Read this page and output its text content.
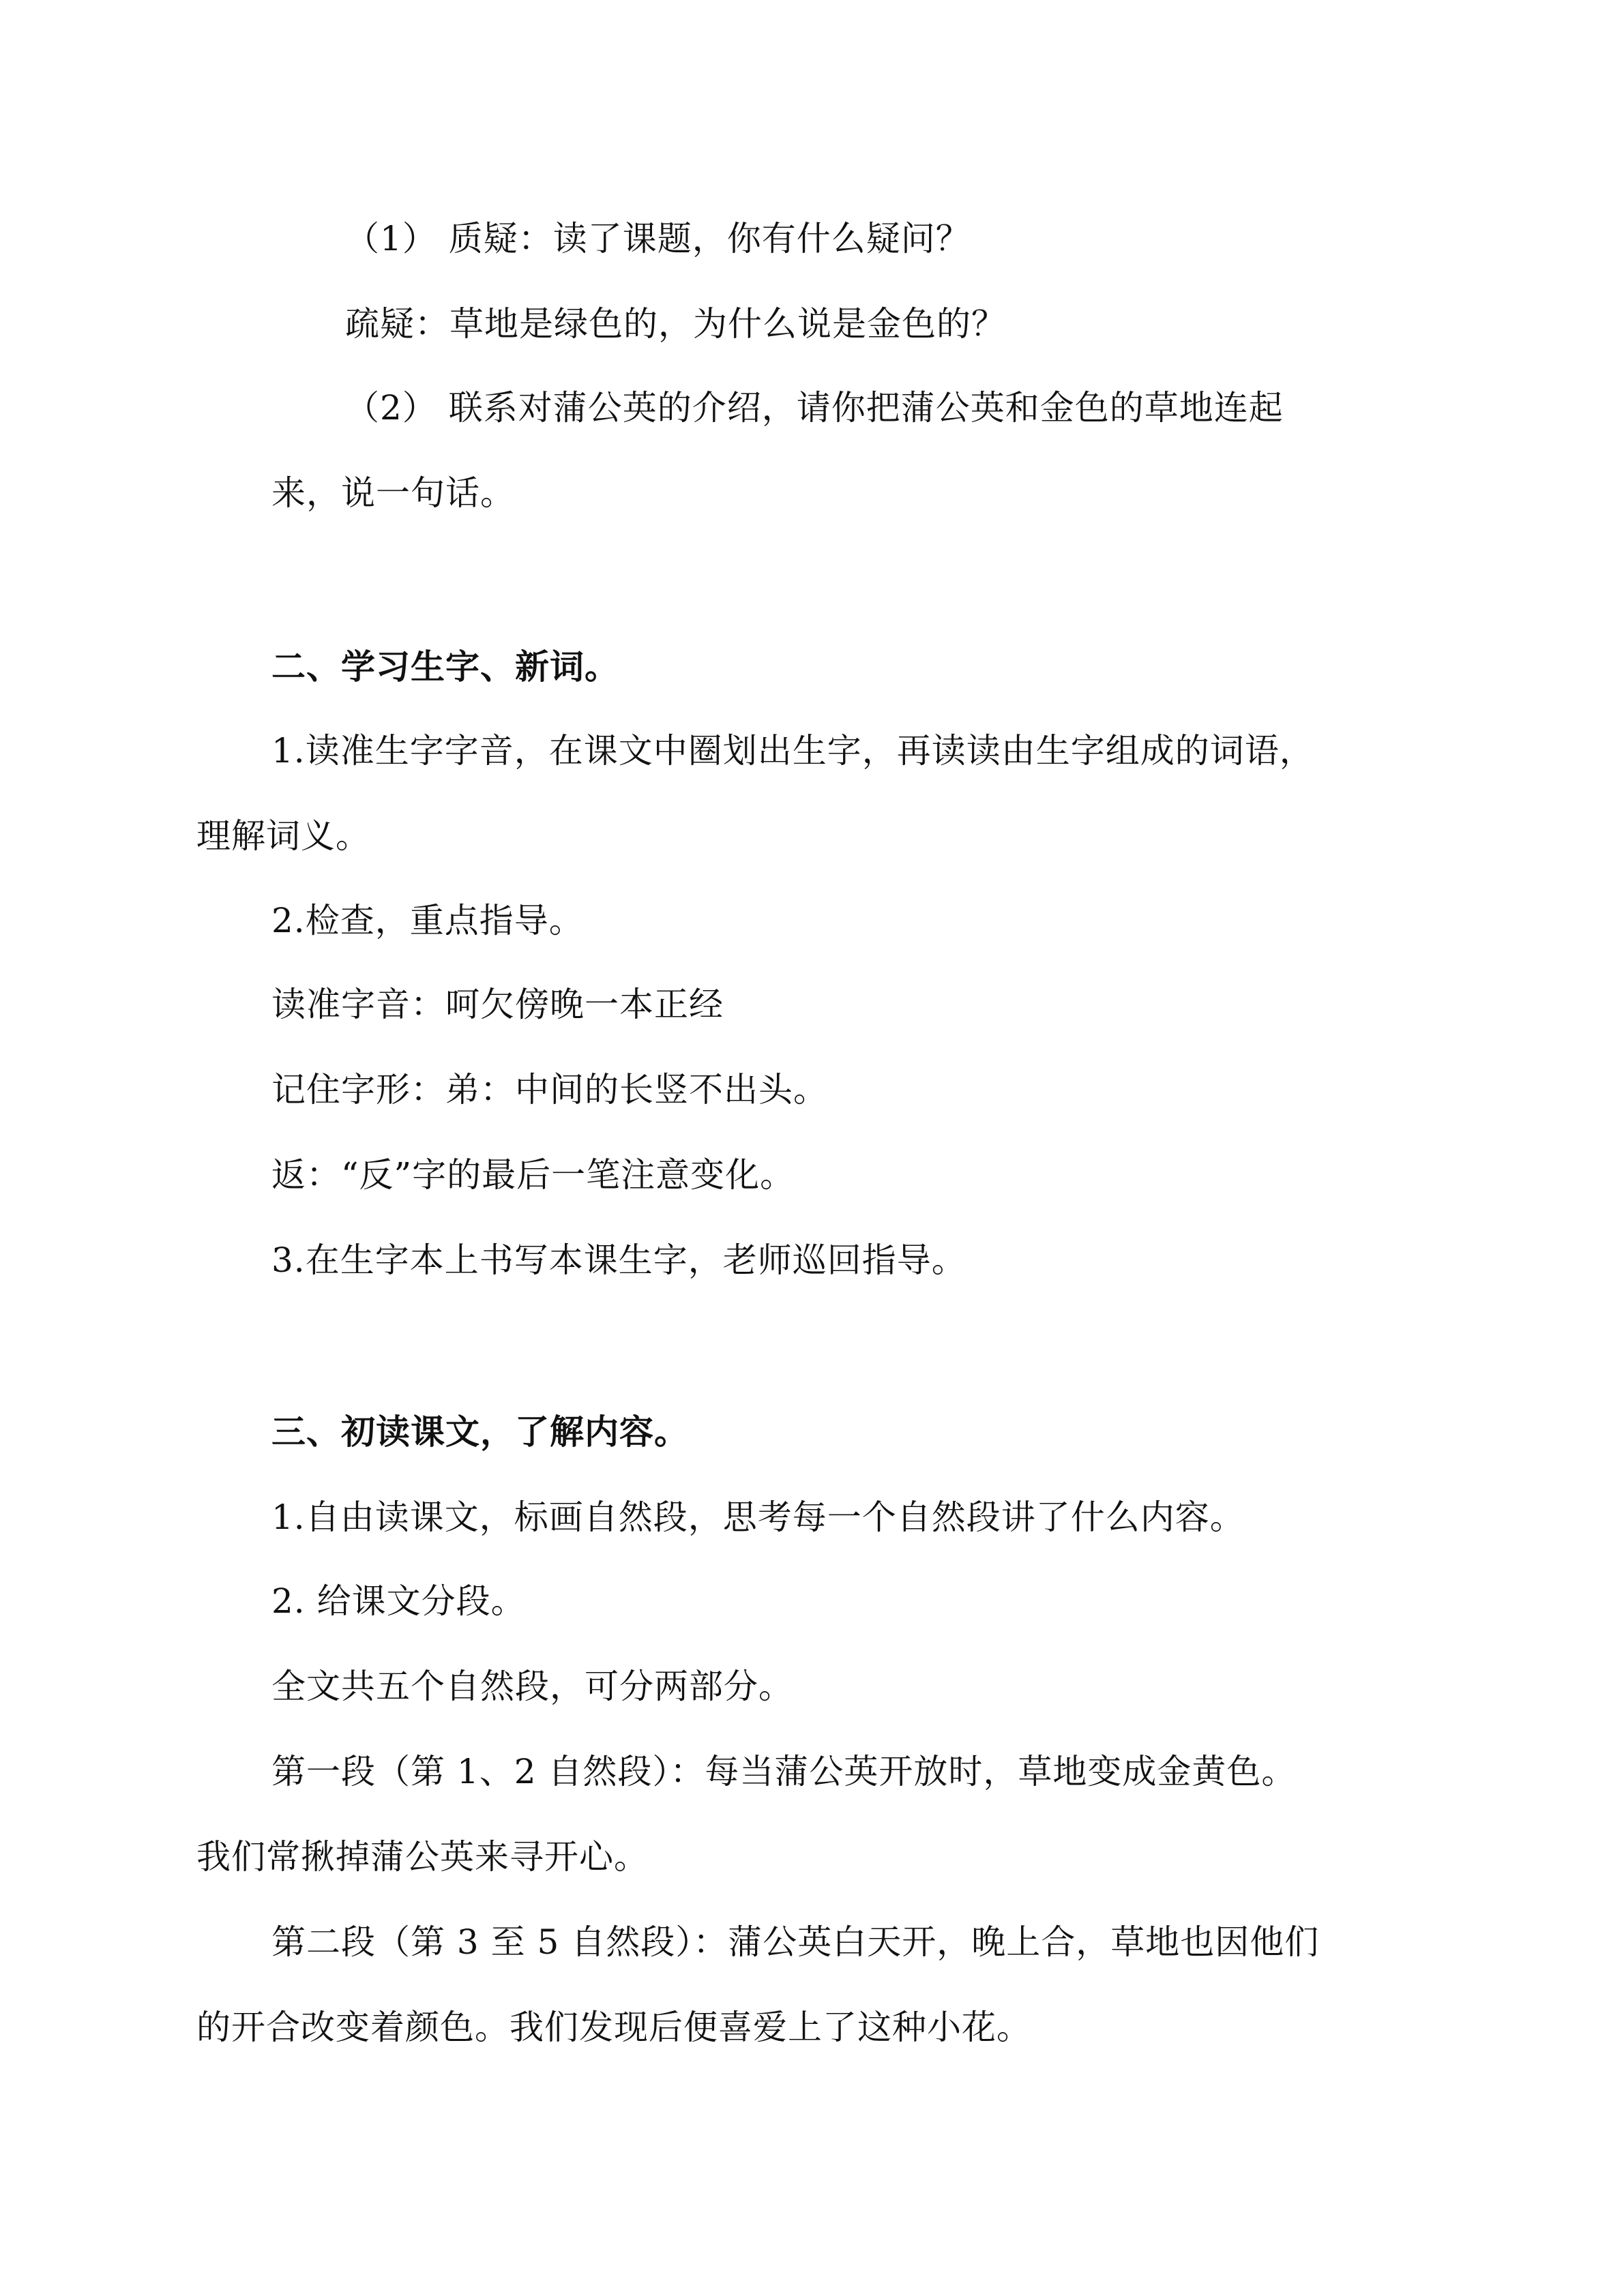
（1） 质疑：读了课题，你有什么疑问？
疏疑：草地是绿色的，为什么说是金色的？
（2） 联系对蒲公英的介绍，请你把蒲公英和金色的草地连起
来，说一句话。
二、学习生字、新词。
1.读准生字字音，在课文中圈划出生字，再读读由生字组成的词语，
理解词义。
2.检查，重点指导。
读准字音：呵欠傍晚一本正经
记住字形：弟：中间的长竖不出头。
返：“反”字的最后一笔注意变化。
3.在生字本上书写本课生字，老师巡回指导。
三、初读课文，了解内容。
1.自由读课文，标画自然段，思考每一个自然段讲了什么内容。
2. 给课文分段。
全文共五个自然段，可分两部分。
第一段（第 1、2 自然段）：每当蒲公英开放时，草地变成金黄色。
我们常揪掉蒲公英来寻开心。
第二段（第 3 至 5 自然段）：蒲公英白天开，晚上合，草地也因他们
的开合改变着颜色。我们发现后便喜爱上了这种小花。
